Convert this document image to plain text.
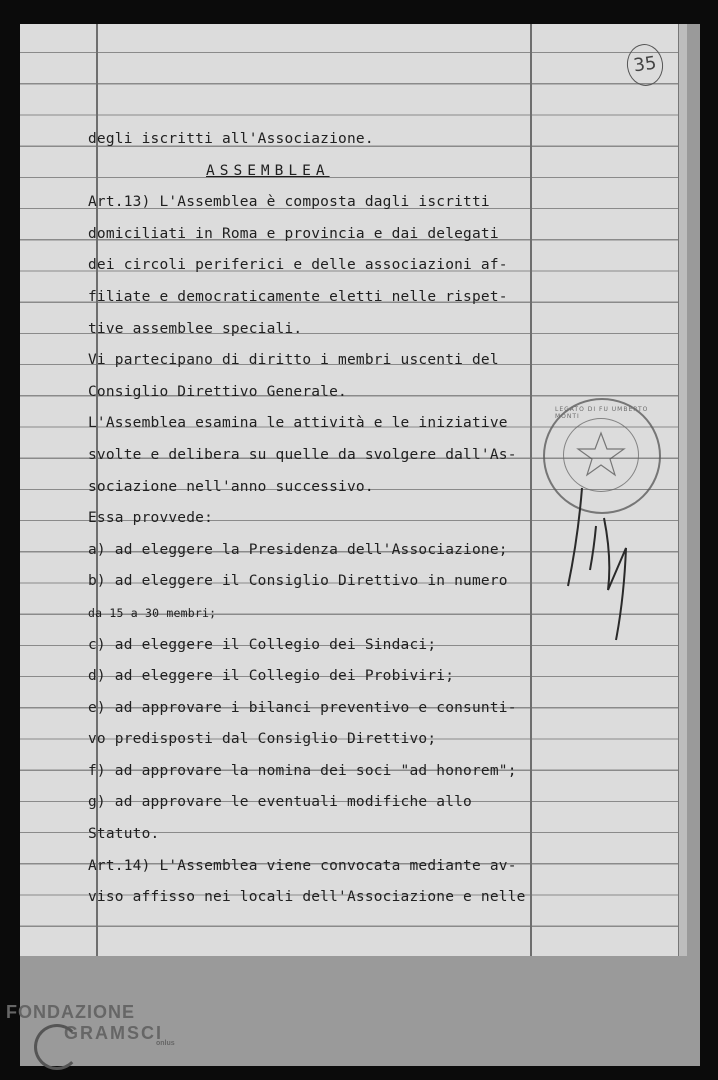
35
degli iscritti all'Associazione.
ASSEMBLEA
Art.13) L'Assemblea è composta dagli iscritti
domiciliati in Roma e provincia e dai delegati
dei circoli periferici e delle associazioni af-
filiate e democraticamente eletti nelle rispet-
tive assemblee speciali.
Vi partecipano di diritto i membri uscenti del
Consiglio Direttivo Generale.
L'Assemblea esamina le attività e le iniziative
svolte e delibera su quelle da svolgere dall'As-
sociazione nell'anno successivo.
Essa provvede:
a) ad eleggere la Presidenza dell'Associazione;
b) ad eleggere il Consiglio Direttivo in numero
da 15 a 30 membri;
c) ad eleggere il Collegio dei Sindaci;
d) ad eleggere il Collegio dei Probiviri;
e) ad approvare i bilanci preventivo e consunti-
vo predisposti dal Consiglio Direttivo;
f) ad approvare la nomina dei soci "ad honorem";
g) ad approvare le eventuali modifiche allo
Statuto.
Art.14) L'Assemblea viene convocata mediante av-
viso affisso nei locali dell'Associazione e nelle
LEGATO DI FU UMBERTO MONTI
FONDAZIONE
GRAMSCI
onlus
